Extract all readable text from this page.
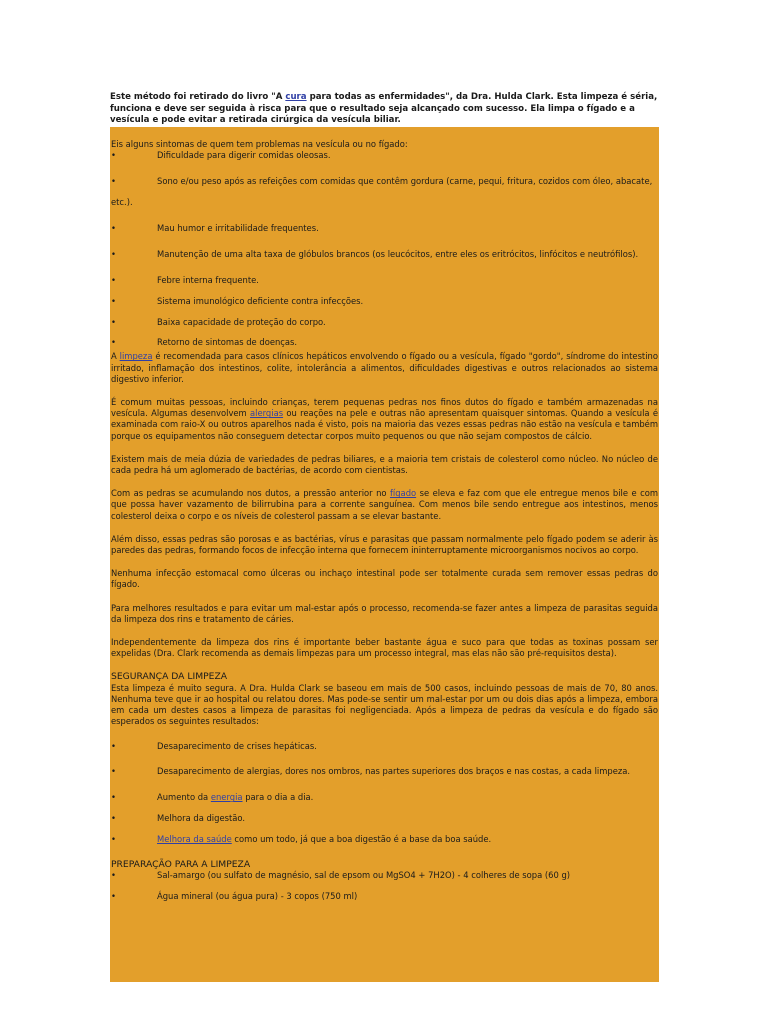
Este método foi retirado do livro "A cura para todas as enfermidades", da Dra. Hulda Clark. Esta limpeza é séria, funciona e deve ser seguida à risca para que o resultado seja alcançado com sucesso. Ela limpa o fígado e a vesícula e pode evitar a retirada cirúrgica da vesícula biliar.

Eis alguns sintomas de quem tem problemas na vesícula ou no fígado:

•	Dificuldade para digerir comidas oleosas.

•	Sono e/ou peso após as refeições com comidas que contêm gordura (carne, pequi, fritura, cozidos com óleo, abacate, etc.).

•	Mau humor e irritabilidade frequentes.

•	Manutenção de uma alta taxa de glóbulos brancos (os leucócitos, entre eles os eritrócitos, linfócitos e neutrófilos).

•	Febre interna frequente.

•	Sistema imunológico deficiente contra infecções.

•	Baixa capacidade de proteção do corpo.

•	Retorno de sintomas de doenças.

A limpeza é recomendada para casos clínicos hepáticos envolvendo o fígado ou a vesícula, fígado "gordo", síndrome do intestino irritado, inflamação dos intestinos, colite, intolerância a alimentos, dificuldades digestivas e outros relacionados ao sistema digestivo inferior.

É comum muitas pessoas, incluindo crianças, terem pequenas pedras nos finos dutos do fígado e também armazenadas na vesícula. Algumas desenvolvem alergias ou reações na pele e outras não apresentam quaisquer sintomas. Quando a vesícula é examinada com raio-X ou outros aparelhos nada é visto, pois na maioria das vezes essas pedras não estão na vesícula e também porque os equipamentos não conseguem detectar corpos muito pequenos ou que não sejam compostos de cálcio.

Existem mais de meia dúzia de variedades de pedras biliares, e a maioria tem cristais de colesterol como núcleo. No núcleo de cada pedra há um aglomerado de bactérias, de acordo com cientistas.

Com as pedras se acumulando nos dutos, a pressão anterior no fígado se eleva e faz com que ele entregue menos bile e com que possa haver vazamento de bilirrubina para a corrente sanguínea. Com menos bile sendo entregue aos intestinos, menos colesterol deixa o corpo e os níveis de colesterol passam a se elevar bastante.

Além disso, essas pedras são porosas e as bactérias, vírus e parasitas que passam normalmente pelo fígado podem se aderir às paredes das pedras, formando focos de infecção interna que fornecem ininterruptamente microorganismos nocivos ao corpo.

Nenhuma infecção estomacal como úlceras ou inchaço intestinal pode ser totalmente curada sem remover essas pedras do fígado.

Para melhores resultados e para evitar um mal-estar após o processo, recomenda-se fazer antes a limpeza de parasitas seguida da limpeza dos rins e tratamento de cáries.

Independentemente da limpeza dos rins é importante beber bastante água e suco para que todas as toxinas possam ser expelidas (Dra. Clark recomenda as demais limpezas para um processo integral, mas elas não são pré-requisitos desta).

SEGURANÇA DA LIMPEZA

Esta limpeza é muito segura. A Dra. Hulda Clark se baseou em mais de 500 casos, incluindo pessoas de mais de 70, 80 anos. Nenhuma teve que ir ao hospital ou relatou dores. Mas pode-se sentir um mal-estar por um ou dois dias após a limpeza, embora em cada um destes casos a limpeza de parasitas foi negligenciada. Após a limpeza de pedras da vesícula e do fígado são esperados os seguintes resultados:

•	Desaparecimento de crises hepáticas.

•	Desaparecimento de alergias, dores nos ombros, nas partes superiores dos braços e nas costas, a cada limpeza.

•	Aumento da energia para o dia a dia.

•	Melhora da digestão.

•	Melhora da saúde como um todo, já que a boa digestão é a base da boa saúde.

PREPARAÇÃO PARA A LIMPEZA

•	Sal-amargo (ou sulfato de magnésio, sal de epsom ou MgSO4 + 7H2O) - 4 colheres de sopa (60 g)

•	Água mineral (ou água pura) - 3 copos (750 ml)
